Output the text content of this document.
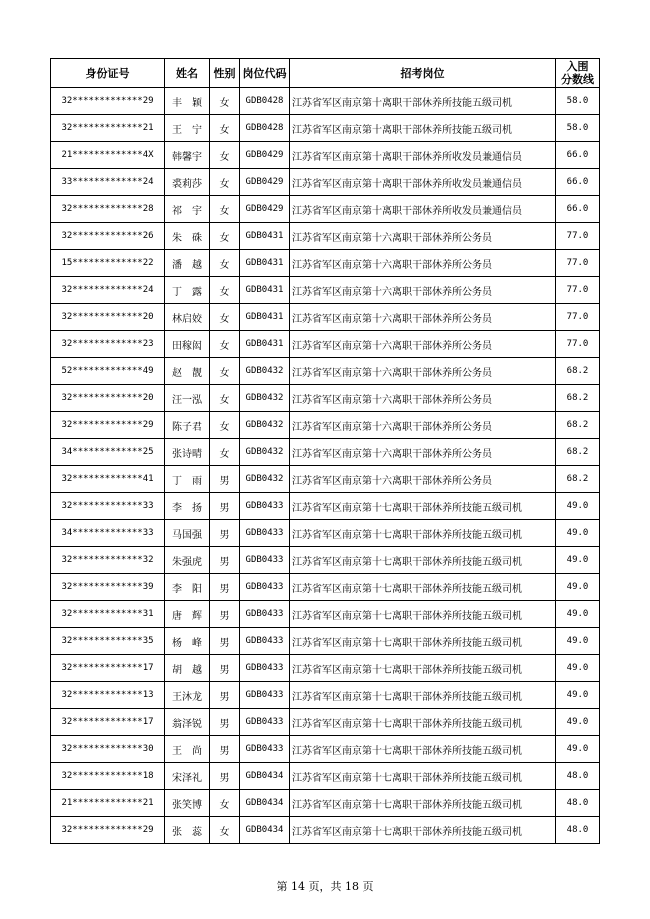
身份证号	姓名	性别	岗位代码	招考岗位	入围
分数线

32*************29	丰　颖	女	GDB0428	江苏省军区南京第十离职干部休养所技能五级司机	58.0
32*************21	王　宁	女	GDB0428	江苏省军区南京第十离职干部休养所技能五级司机	58.0
21*************4X	韩馨宇	女	GDB0429	江苏省军区南京第十离职干部休养所收发员兼通信员	66.0
33*************24	裘莉莎	女	GDB0429	江苏省军区南京第十离职干部休养所收发员兼通信员	66.0
32*************28	祁　宇	女	GDB0429	江苏省军区南京第十离职干部休养所收发员兼通信员	66.0
32*************26	朱　硃	女	GDB0431	江苏省军区南京第十六离职干部休养所公务员	77.0
15*************22	潘　越	女	GDB0431	江苏省军区南京第十六离职干部休养所公务员	77.0
32*************24	丁　露	女	GDB0431	江苏省军区南京第十六离职干部休养所公务员	77.0
32*************20	林启姣	女	GDB0431	江苏省军区南京第十六离职干部休养所公务员	77.0
32*************23	田稼闳	女	GDB0431	江苏省军区南京第十六离职干部休养所公务员	77.0
52*************49	赵　靓	女	GDB0432	江苏省军区南京第十六离职干部休养所公务员	68.2
32*************20	汪一泓	女	GDB0432	江苏省军区南京第十六离职干部休养所公务员	68.2
32*************29	陈子君	女	GDB0432	江苏省军区南京第十六离职干部休养所公务员	68.2
34*************25	张诗晴	女	GDB0432	江苏省军区南京第十六离职干部休养所公务员	68.2
32*************41	丁　雨	男	GDB0432	江苏省军区南京第十六离职干部休养所公务员	68.2
32*************33	李　扬	男	GDB0433	江苏省军区南京第十七离职干部休养所技能五级司机	49.0
34*************33	马国强	男	GDB0433	江苏省军区南京第十七离职干部休养所技能五级司机	49.0
32*************32	朱强虎	男	GDB0433	江苏省军区南京第十七离职干部休养所技能五级司机	49.0
32*************39	李　阳	男	GDB0433	江苏省军区南京第十七离职干部休养所技能五级司机	49.0
32*************31	唐　辉	男	GDB0433	江苏省军区南京第十七离职干部休养所技能五级司机	49.0
32*************35	杨　峰	男	GDB0433	江苏省军区南京第十七离职干部休养所技能五级司机	49.0
32*************17	胡　越	男	GDB0433	江苏省军区南京第十七离职干部休养所技能五级司机	49.0
32*************13	王沐龙	男	GDB0433	江苏省军区南京第十七离职干部休养所技能五级司机	49.0
32*************17	翁泽锐	男	GDB0433	江苏省军区南京第十七离职干部休养所技能五级司机	49.0
32*************30	王　尚	男	GDB0433	江苏省军区南京第十七离职干部休养所技能五级司机	49.0
32*************18	宋泽礼	男	GDB0434	江苏省军区南京第十七离职干部休养所技能五级司机	48.0
21*************21	张笑博	女	GDB0434	江苏省军区南京第十七离职干部休养所技能五级司机	48.0
32*************29	张　蕊	女	GDB0434	江苏省军区南京第十七离职干部休养所技能五级司机	48.0
第 14 页，共 18 页
